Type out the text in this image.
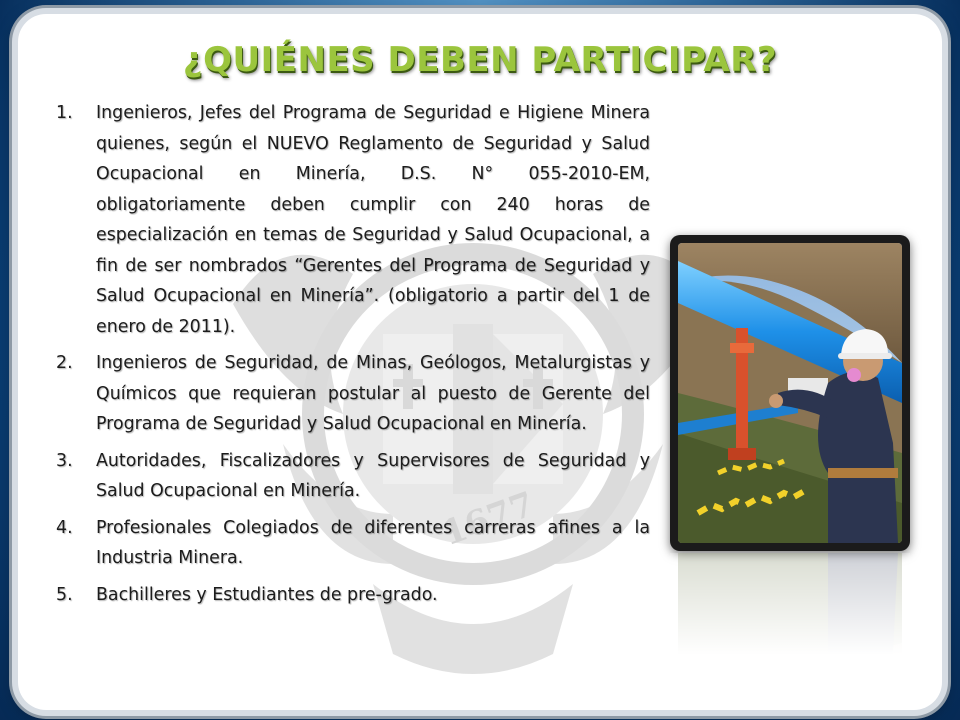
1677
¿QUIÉNES DEBEN PARTICIPAR?
1. Ingenieros, Jefes del Programa de Seguridad e Higiene Minera quienes, según el NUEVO Reglamento de Seguridad y Salud Ocupacional en Minería, D.S. N° 055-2010-EM, obligatoriamente deben cumplir con 240 horas de especialización en temas de Seguridad y Salud Ocupacional, a fin de ser nombrados “Gerentes del Programa de Seguridad y Salud Ocupacional en Minería”. (obligatorio a partir del 1 de enero de 2011).
2. Ingenieros de Seguridad, de Minas, Geólogos, Metalurgistas y Químicos que requieran postular al puesto de Gerente del Programa de Seguridad y Salud Ocupacional en Minería.
3. Autoridades, Fiscalizadores y Supervisores de Seguridad y Salud Ocupacional en Minería.
4. Profesionales Colegiados de diferentes carreras afines a la Industria Minera.
5. Bachilleres y Estudiantes de pre-grado.
